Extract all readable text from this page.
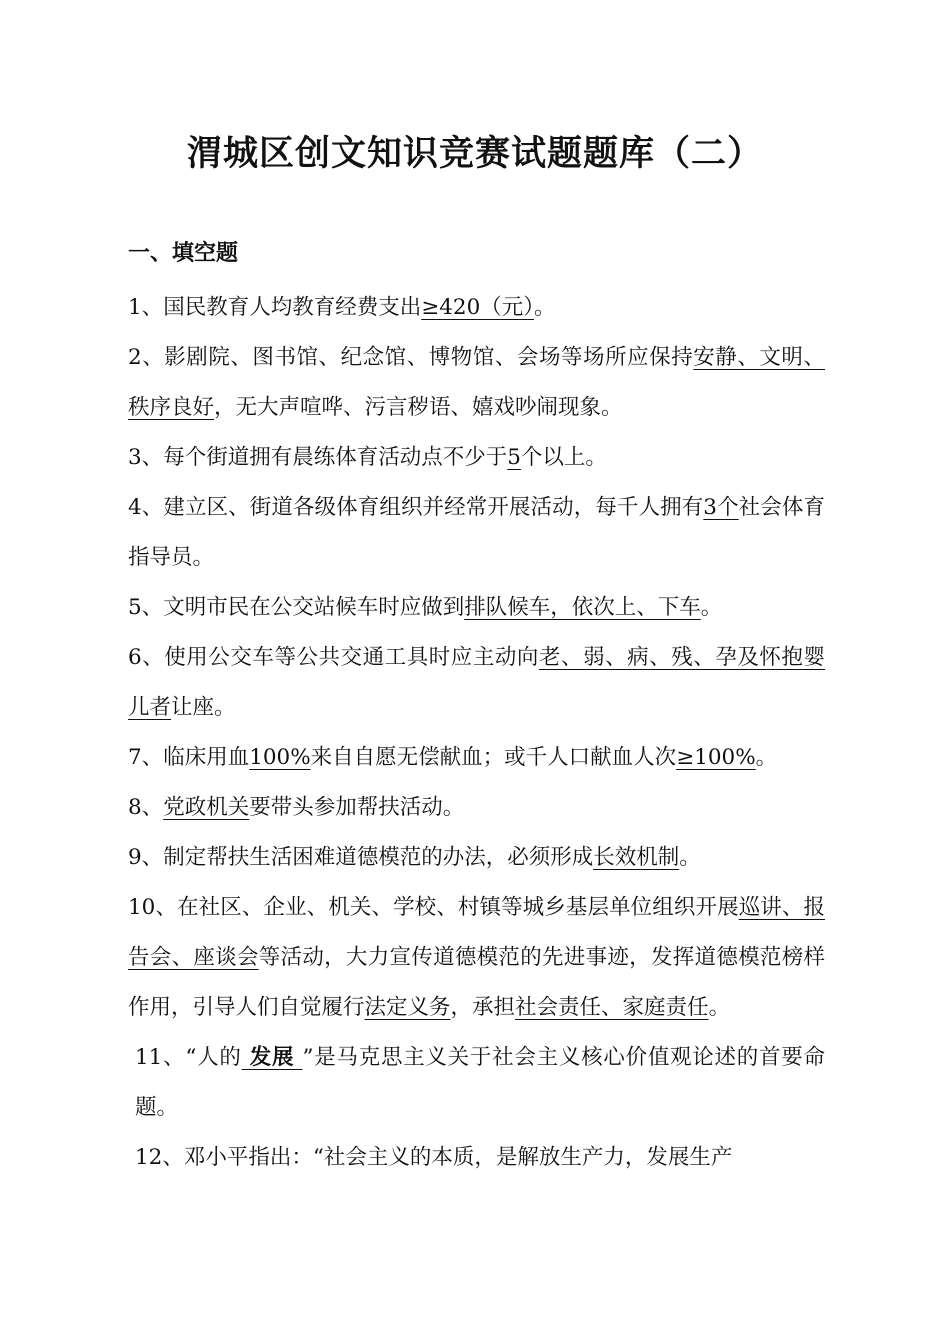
渭城区创文知识竞赛试题题库（二）
一、填空题

1、国民教育人均教育经费支出≥420（元）。

2、影剧院、图书馆、纪念馆、博物馆、会场等场所应保持安静、文明、秩序良好，无大声喧哗、污言秽语、嬉戏吵闹现象。

3、每个街道拥有晨练体育活动点不少于5个以上。

4、建立区、街道各级体育组织并经常开展活动，每千人拥有3个社会体育指导员。

5、文明市民在公交站候车时应做到排队候车，依次上、下车。

6、使用公交车等公共交通工具时应主动向老、弱、病、残、孕及怀抱婴儿者让座。

7、临床用血100%来自自愿无偿献血；或千人口献血人次≥100%。

8、党政机关要带头参加帮扶活动。

9、制定帮扶生活困难道德模范的办法，必须形成长效机制。

10、在社区、企业、机关、学校、村镇等城乡基层单位组织开展巡讲、报告会、座谈会等活动，大力宣传道德模范的先进事迹，发挥道德模范榜样作用，引导人们自觉履行法定义务，承担社会责任、家庭责任。

11、“人的 发展 ”是马克思主义关于社会主义核心价值观论述的首要命题。

12、邓小平指出：“社会主义的本质，是解放生产力，发展生产
